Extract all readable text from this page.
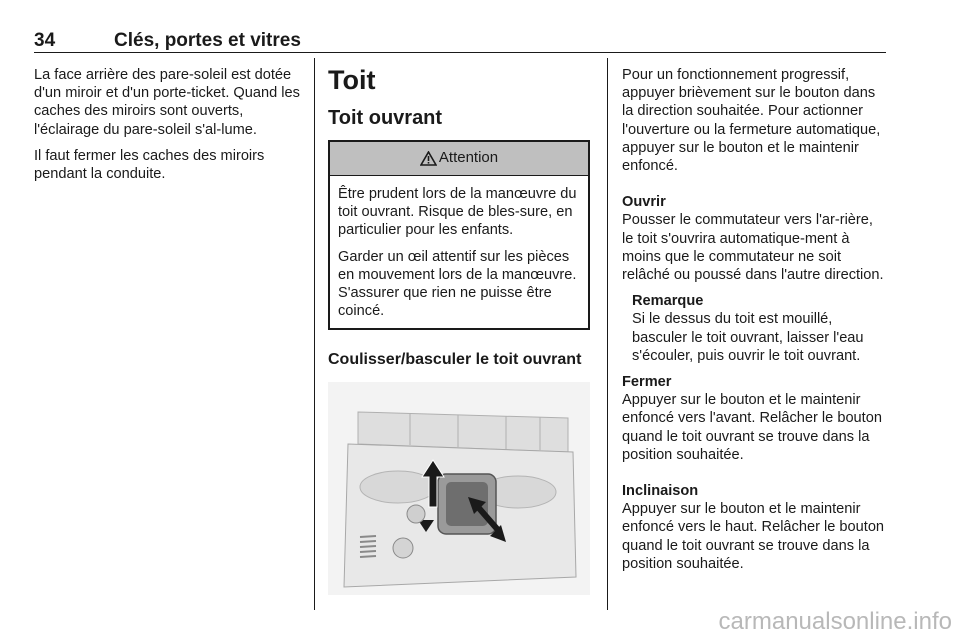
34	Clés, portes et vitres

La face arrière des pare-soleil est dotée d'un miroir et d'un porte-ticket. Quand les caches des miroirs sont ouverts, l'éclairage du pare-soleil s'al-lume.

Il faut fermer les caches des miroirs pendant la conduite.

Toit
Toit ouvrant
Attention

Être prudent lors de la manœuvre du toit ouvrant. Risque de bles-sure, en particulier pour les enfants.

Garder un œil attentif sur les pièces en mouvement lors de la manœuvre. S'assurer que rien ne puisse être coincé.

Coulisser/basculer le toit ouvrant

Pour un fonctionnement progressif, appuyer brièvement sur le bouton dans la direction souhaitée. Pour actionner l'ouverture ou la fermeture automatique, appuyer sur le bouton et le maintenir enfoncé.

Ouvrir

Pousser le commutateur vers l'ar-rière, le toit s'ouvrira automatique-ment à moins que le commutateur ne soit relâché ou poussé dans l'autre direction.

Remarque
Si le dessus du toit est mouillé, basculer le toit ouvrant, laisser l'eau s'écouler, puis ouvrir le toit ouvrant.
Fermer

Appuyer sur le bouton et le maintenir enfoncé vers l'avant. Relâcher le bouton quand le toit ouvrant se trouve dans la position souhaitée.

Inclinaison

Appuyer sur le bouton et le maintenir enfoncé vers le haut. Relâcher le bouton quand le toit ouvrant se trouve dans la position souhaitée.

carmanualsonline.info
